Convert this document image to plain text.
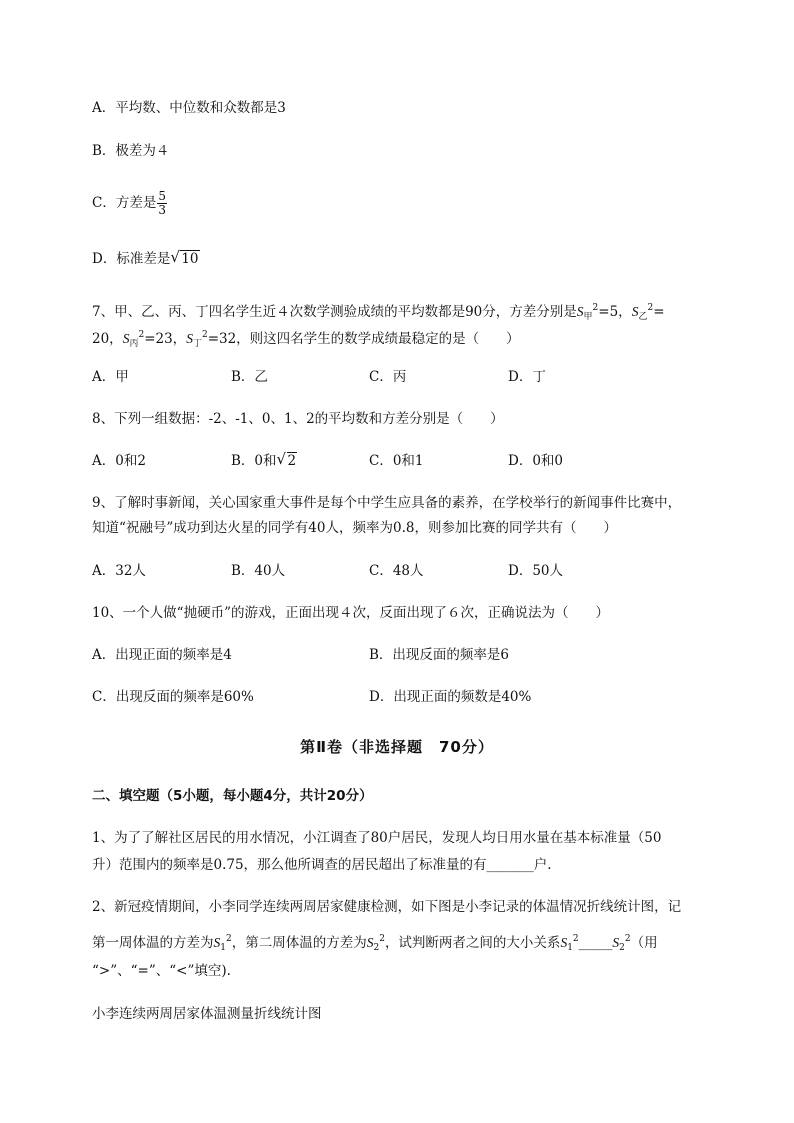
A．平均数、中位数和众数都是3
B．极差为４
C．方差是 $\frac{5}{3}$
D．标准差是 √ 10
7、甲、乙、丙、丁四名学生近４次数学测验成绩的平均数都是90分，方差分别是$S_甲^2=5$，$S_乙^2=$
20，$S_丙^2=23$，$S_丁^2=32$，则这四名学生的数学成绩最稳定的是（　　）
A．甲	B．乙	C．丙	D．丁
8、下列一组数据：-2、-1、0、1、2的平均数和方差分别是（　　）
A．0和2	B．0和 √ 2	C．0和1	D．0和0
9、了解时事新闻，关心国家重大事件是每个中学生应具备的素养，在学校举行的新闻事件比赛中，
知道“祝融号”成功到达火星的同学有40人，频率为0.8，则参加比赛的同学共有（　　）
A．32人	B．40人	C．48人	D．50人
10、一个人做“抛硬币”的游戏，正面出现４次，反面出现了６次，正确说法为（　　）
A．出现正面的频率是4	B．出现反面的频率是6
C．出现反面的频率是60%	D．出现正面的频数是40%
第Ⅱ卷（非选择题　70分）
二、填空题（5小题，每小题4分，共计20分）
1、为了了解社区居民的用水情况，小江调查了80户居民，发现人均日用水量在基本标准量（50
升）范围内的频率是0.75，那么他所调查的居民超出了标准量的有_______户.
2、新冠疫情期间，小李同学连续两周居家健康检测，如下图是小李记录的体温情况折线统计图，记
第一周体温的方差为$S_1^2$，第二周体温的方差为$S_2^2$，试判断两者之间的大小关系$S_1^2\_\_\_\_\_S_2^2$（用
“>”、“=”、“<”填空).
小李连续两周居家体温测量折线统计图
